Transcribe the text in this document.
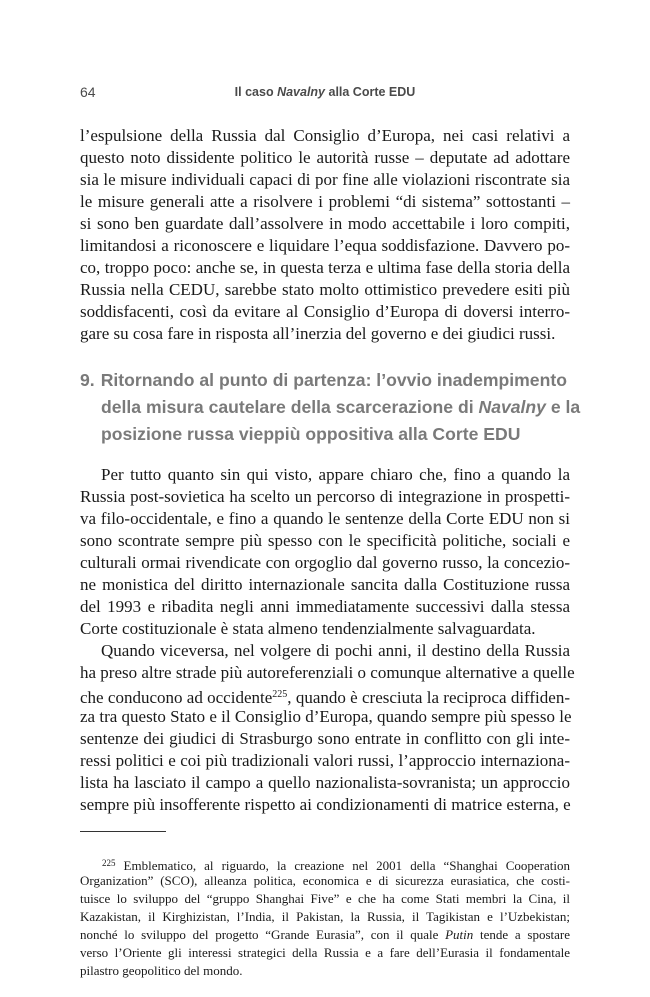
64	Il caso Navalny alla Corte EDU
l’espulsione della Russia dal Consiglio d’Europa, nei casi relativi a
questo noto dissidente politico le autorità russe – deputate ad adottare
sia le misure individuali capaci di por fine alle violazioni riscontrate sia
le misure generali atte a risolvere i problemi “di sistema” sottostanti –
si sono ben guardate dall’assolvere in modo accettabile i loro compiti,
limitandosi a riconoscere e liquidare l’equa soddisfazione. Davvero po-
co, troppo poco: anche se, in questa terza e ultima fase della storia della
Russia nella CEDU, sarebbe stato molto ottimistico prevedere esiti più
soddisfacenti, così da evitare al Consiglio d’Europa di doversi interro-
gare su cosa fare in risposta all’inerzia del governo e dei giudici russi.
9. Ritornando al punto di partenza: l’ovvio inadempimento
della misura cautelare della scarcerazione di Navalny e la
posizione russa vieppiù oppositiva alla Corte EDU
Per tutto quanto sin qui visto, appare chiaro che, fino a quando la
Russia post-sovietica ha scelto un percorso di integrazione in prospetti-
va filo-occidentale, e fino a quando le sentenze della Corte EDU non si
sono scontrate sempre più spesso con le specificità politiche, sociali e
culturali ormai rivendicate con orgoglio dal governo russo, la concezio-
ne monistica del diritto internazionale sancita dalla Costituzione russa
del 1993 e ribadita negli anni immediatamente successivi dalla stessa
Corte costituzionale è stata almeno tendenzialmente salvaguardata.
Quando viceversa, nel volgere di pochi anni, il destino della Russia
ha preso altre strade più autoreferenziali o comunque alternative a quelle
che conducono ad occidente$^{225}$, quando è cresciuta la reciproca diffiden-
za tra questo Stato e il Consiglio d’Europa, quando sempre più spesso le
sentenze dei giudici di Strasburgo sono entrate in conflitto con gli inte-
ressi politici e coi più tradizionali valori russi, l’approccio internaziona-
lista ha lasciato il campo a quello nazionalista-sovranista; un approccio
sempre più insofferente rispetto ai condizionamenti di matrice esterna, e
$^{225}$ Emblematico, al riguardo, la creazione nel 2001 della “Shanghai Cooperation
Organization” (SCO), alleanza politica, economica e di sicurezza eurasiatica, che costi-
tuisce lo sviluppo del “gruppo Shanghai Five” e che ha come Stati membri la Cina, il
Kazakistan, il Kirghizistan, l’India, il Pakistan, la Russia, il Tagikistan e l’Uzbekistan;
nonché lo sviluppo del progetto “Grande Eurasia”, con il quale Putin tende a spostare
verso l’Oriente gli interessi strategici della Russia e a fare dell’Eurasia il fondamentale
pilastro geopolitico del mondo.
